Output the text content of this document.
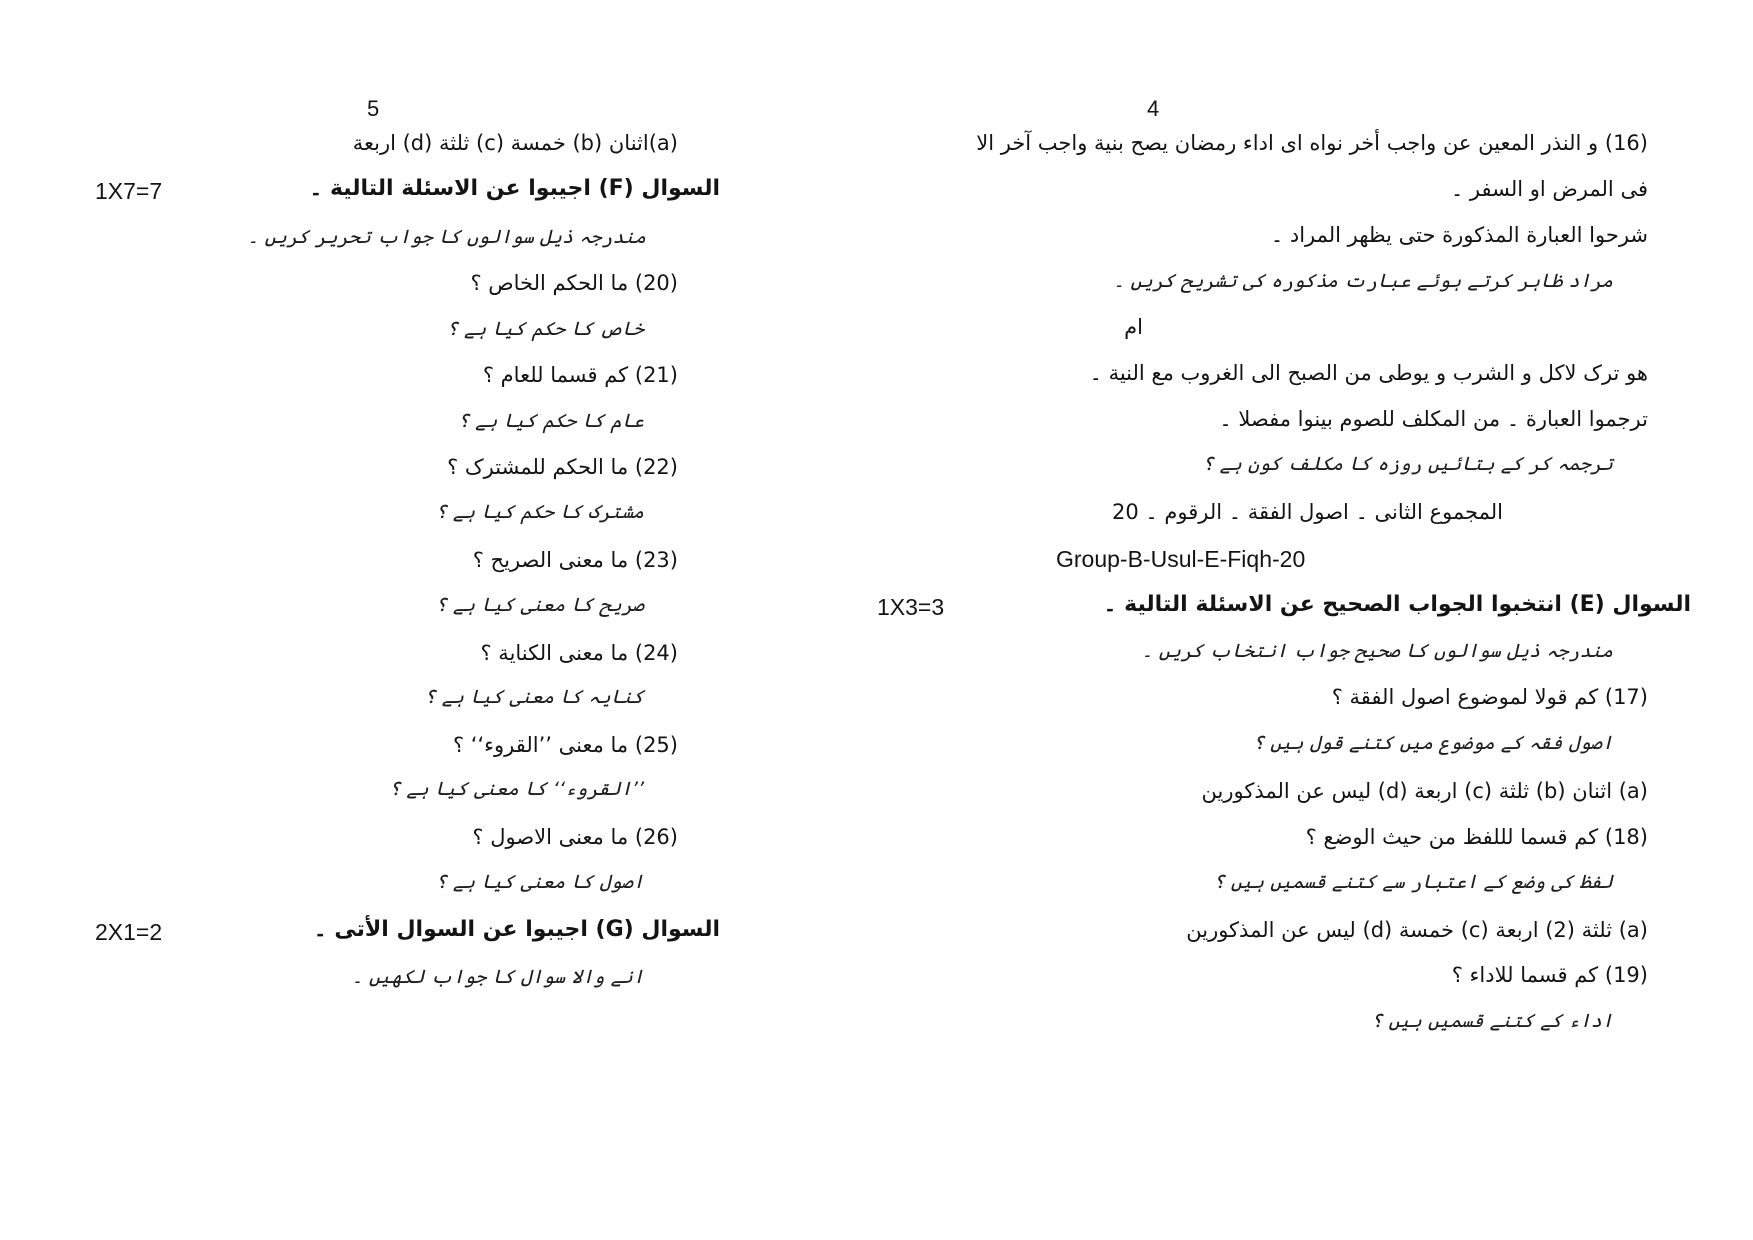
5
(a)اثنان (b) خمسة (c) ثلثة (d) اربعة
السوال (F) اجیبوا عن الاسئلة التالیة ۔
1X7=7
مندرجہ ذیل سوالوں کا جواب تحریر کریں ۔
(20) ما الحکم الخاص ؟
خاص کا حکم کیا ہے ؟
(21) کم قسما للعام ؟
عام کا حکم کیا ہے ؟
(22) ما الحکم للمشترک ؟
مشترک کا حکم کیا ہے ؟
(23) ما معنی الصریح ؟
صریح کا معنی کیا ہے ؟
(24) ما معنی الکنایة ؟
کنایہ کا معنی کیا ہے ؟
(25) ما معنی ’’القروء‘‘ ؟
’’القروء‘‘ کا معنی کیا ہے ؟
(26) ما معنی الاصول ؟
اصول کا معنی کیا ہے ؟
السوال (G) اجیبوا عن السوال الأتی ۔
2X1=2
انے والا سوال کا جواب لکھیں ۔
4
(16) و النذر المعین عن واجب أخر نواه ای اداء رمضان یصح بنیة واجب آخر الا
فی المرض او السفر ۔
شرحوا العبارة المذکورة حتی یظهر المراد ۔
مراد ظاہر کرتے ہوئے عبارت مذکورہ کی تشریح کریں ۔
ام
هو ترک لاکل و الشرب و یوطی من الصبح الی الغروب مع النیة ۔
ترجموا العبارة ۔ من المکلف للصوم بینوا مفصلا ۔
ترجمہ کر کے بتائیں روزہ کا مکلف کون ہے ؟
المجموع الثانی ۔ اصول الفقة ۔ الرقوم ۔ 20
Group-B-Usul-E-Fiqh-20
السوال (E) انتخبوا الجواب الصحیح عن الاسئلة التالیة ۔
1X3=3
مندرجہ ذیل سوالوں کا صحیح جواب انتخاب کریں ۔
(17) کم قولا لموضوع اصول الفقة ؟
اصول فقہ کے موضوع میں کتنے قول ہیں ؟
(a) اثنان (b) ثلثة (c) اربعة (d) لیس عن المذکورین
(18) کم قسما لللفظ من حیث الوضع ؟
لفظ کی وضع کے اعتبار سے کتنے قسمیں ہیں ؟
(a) ثلثة (2) اربعة (c) خمسة (d) لیس عن المذکورین
(19) کم قسما للاداء ؟
اداء کے کتنے قسمیں ہیں ؟
